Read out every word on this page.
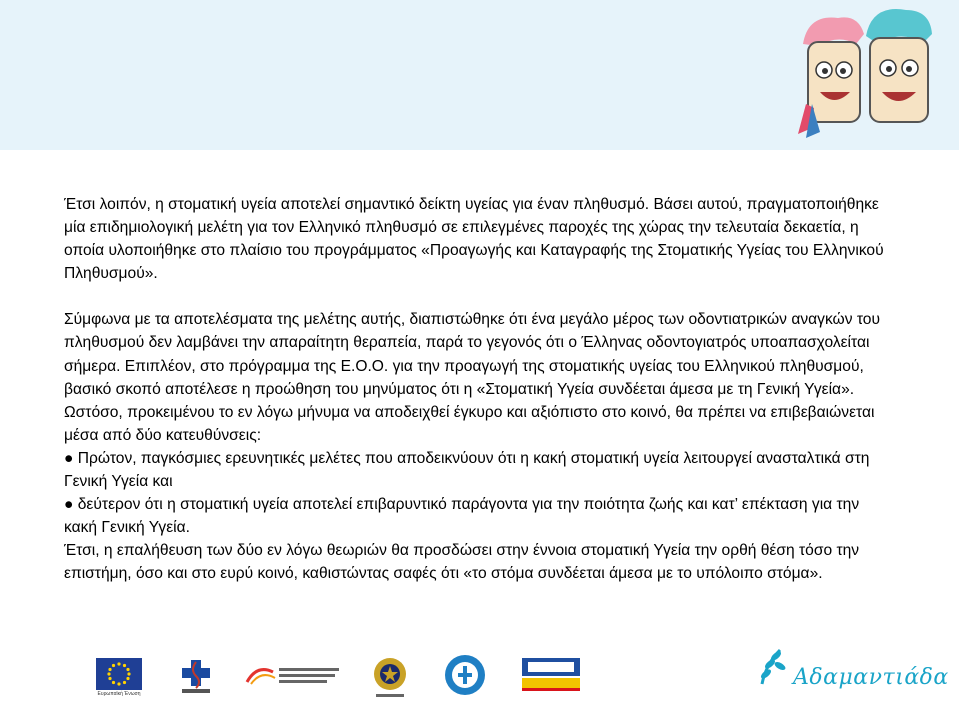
Έτσι λοιπόν, η στοματική υγεία αποτελεί σημαντικό δείκτη υγείας για έναν πληθυσμό. Βάσει αυτού, πραγματοποιήθηκε μία επιδημιολογική μελέτη για τον Ελληνικό πληθυσμό σε επιλεγμένες παροχές της χώρας την τελευταία δεκαετία, η οποία υλοποιήθηκε στο πλαίσιο του προγράμματος «Προαγωγής και Καταγραφής της Στοματικής Υγείας του Ελληνικού Πληθυσμού».

Σύμφωνα με τα αποτελέσματα της μελέτης αυτής, διαπιστώθηκε ότι ένα μεγάλο μέρος των οδοντιατρικών αναγκών του πληθυσμού δεν λαμβάνει την απαραίτητη θεραπεία, παρά το γεγονός ότι ο Έλληνας οδοντογιατρός υποαπασχολείται σήμερα. Επιπλέον, στο πρόγραμμα της Ε.Ο.Ο. για την προαγωγή της στοματικής υγείας του Ελληνικού πληθυσμού, βασικό σκοπό αποτέλεσε η προώθηση του μηνύματος ότι η «Στοματική Υγεία συνδέεται άμεσα με τη Γενική Υγεία». Ωστόσο, προκειμένου το εν λόγω μήνυμα να αποδειχθεί έγκυρο και αξιόπιστο στο κοινό, θα πρέπει να επιβεβαιώνεται μέσα από δύο κατευθύνσεις:

● Πρώτον, παγκόσμιες ερευνητικές μελέτες που αποδεικνύουν ότι η κακή στοματική υγεία λειτουργεί ανασταλτικά στη Γενική Υγεία και

● δεύτερον ότι η στοματική υγεία αποτελεί επιβαρυντικό παράγοντα για την ποιότητα ζωής και κατ’ επέκταση για την κακή Γενική Υγεία.

Έτσι, η επαλήθευση των δύο εν λόγω θεωριών θα προσδώσει στην έννοια στοματική Υγεία την ορθή θέση τόσο την επιστήμη, όσο και στο ευρύ κοινό, καθιστώντας σαφές ότι «το στόμα συνδέεται άμεσα με το υπόλοιπο στόμα».

Ευρωπαϊκή Ένωση
Αδαμαντιάδα
